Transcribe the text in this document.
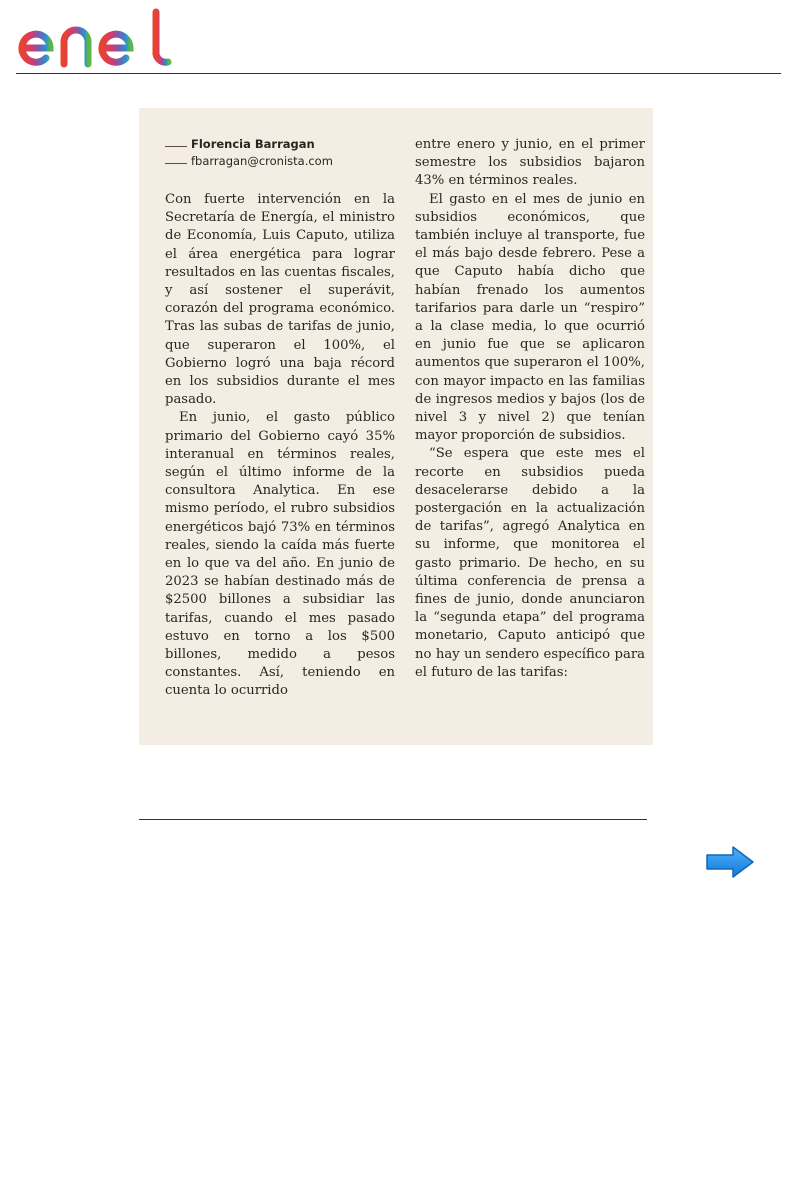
Florencia Barragan
fbarragan@cronista.com

Con fuerte intervención en la Secretaría de Energía, el ministro de Economía, Luis Caputo, utiliza el área energética para lograr resultados en las cuentas fiscales, y así sostener el superávit, corazón del programa económico. Tras las subas de tarifas de junio, que superaron el 100%, el Gobierno logró una baja récord en los subsidios durante el mes pasado.

En junio, el gasto público primario del Gobierno cayó 35% interanual en términos reales, según el último informe de la consultora Analytica. En ese mismo período, el rubro subsidios energéticos bajó 73% en términos reales, siendo la caída más fuerte en lo que va del año. En junio de 2023 se habían destinado más de $2500 billones a subsidiar las tarifas, cuando el mes pasado estuvo en torno a los $500 billones, medido a pesos constantes. Así, teniendo en cuenta lo ocurrido

entre enero y junio, en el primer semestre los subsidios bajaron 43% en términos reales.

El gasto en el mes de junio en subsidios económicos, que también incluye al transporte, fue el más bajo desde febrero. Pese a que Caputo había dicho que habían frenado los aumentos tarifarios para darle un “respiro” a la clase media, lo que ocurrió en junio fue que se aplicaron aumentos que superaron el 100%, con mayor impacto en las familias de ingresos medios y bajos (los de nivel 3 y nivel 2) que tenían mayor proporción de subsidios.

“Se espera que este mes el recorte en subsidios pueda desacelerarse debido a la postergación en la actualización de tarifas”, agregó Analytica en su informe, que monitorea el gasto primario. De hecho, en su última conferencia de prensa a fines de junio, donde anunciaron la “segunda etapa” del programa monetario, Caputo anticipó que no hay un sendero específico para el futuro de las tarifas:
